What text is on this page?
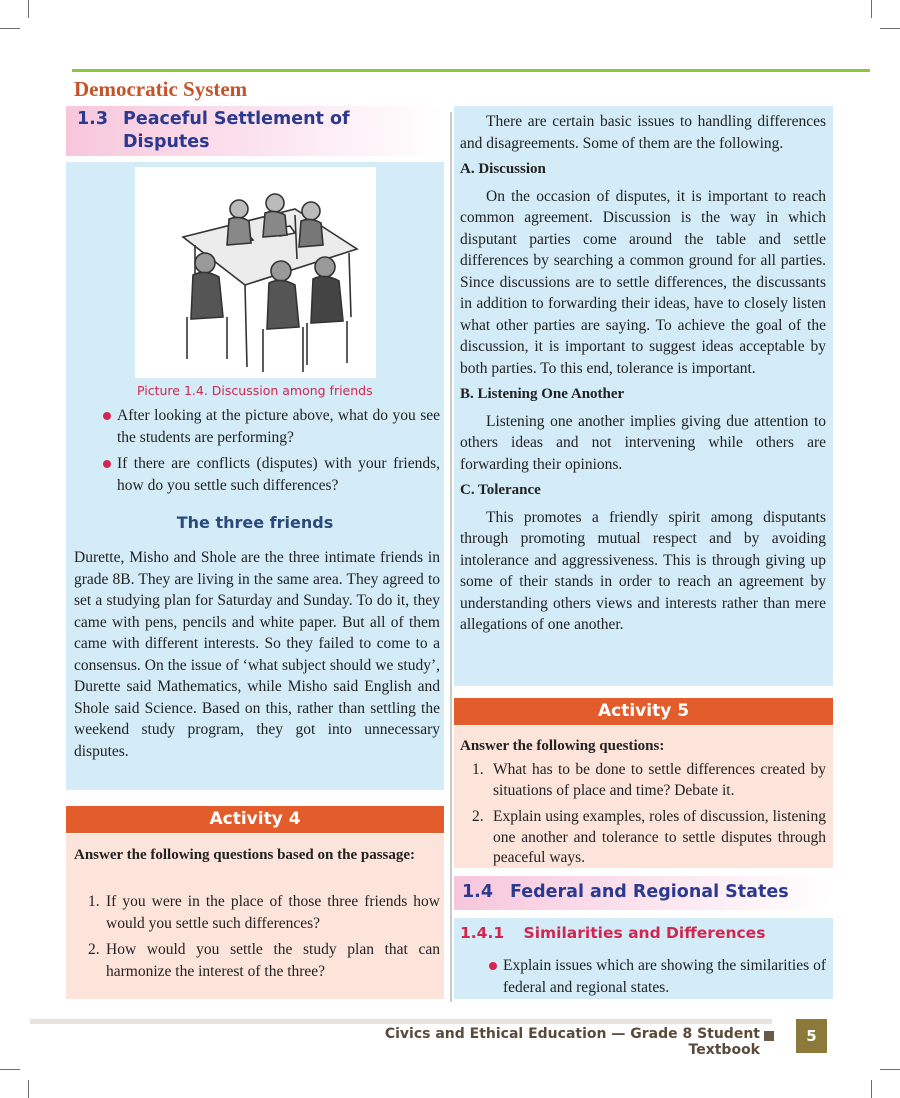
Democratic System
1.3 Peaceful Settlement of
Disputes
Picture 1.4. Discussion among friends

After looking at the picture above, what do you see the students are performing?

If there are conflicts (disputes) with your friends, how do you settle such differences?

The three friends
Durette, Misho and Shole are the three intimate friends in grade 8B. They are living in the same area. They agreed to set a studying plan for Saturday and Sunday. To do it, they came with pens, pencils and white paper. But all of them came with different interests. So they failed to come to a consensus. On the issue of ‘what subject should we study’, Durette said Mathematics, while Misho said English and Shole said Science. Based on this, rather than settling the weekend study program, they got into unnecessary disputes.
Activity 4
Answer the following questions based on the passage:
1. If you were in the place of those three friends how would you settle such differences?

2. How would you settle the study plan that can harmonize the interest of the three?

There are certain basic issues to handling differences and disagreements. Some of them are the following.

A. Discussion

On the occasion of disputes, it is important to reach common agreement. Discussion is the way in which disputant parties come around the table and settle differences by searching a common ground for all parties. Since discussions are to settle differences, the discussants in addition to forwarding their ideas, have to closely listen what other parties are saying. To achieve the goal of the discussion, it is important to suggest ideas acceptable by both parties. To this end, tolerance is important.

B. Listening One Another

Listening one another implies giving due attention to others ideas and not intervening while others are forwarding their opinions.

C. Tolerance

This promotes a friendly spirit among disputants through promoting mutual respect and by avoiding intolerance and aggressiveness. This is through giving up some of their stands in order to reach an agreement by understanding others views and interests rather than mere allegations of one another.

Activity 5
Answer the following questions:
1. What has to be done to settle differences created by situations of place and time? Debate it.

2. Explain using examples, roles of discussion, listening one another and tolerance to settle disputes through peaceful ways.

1.4 Federal and Regional States
1.4.1 Similarities and Differences

Explain issues which are showing the similarities of federal and regional states.

Civics and Ethical Education — Grade 8 Student Textbook
5
